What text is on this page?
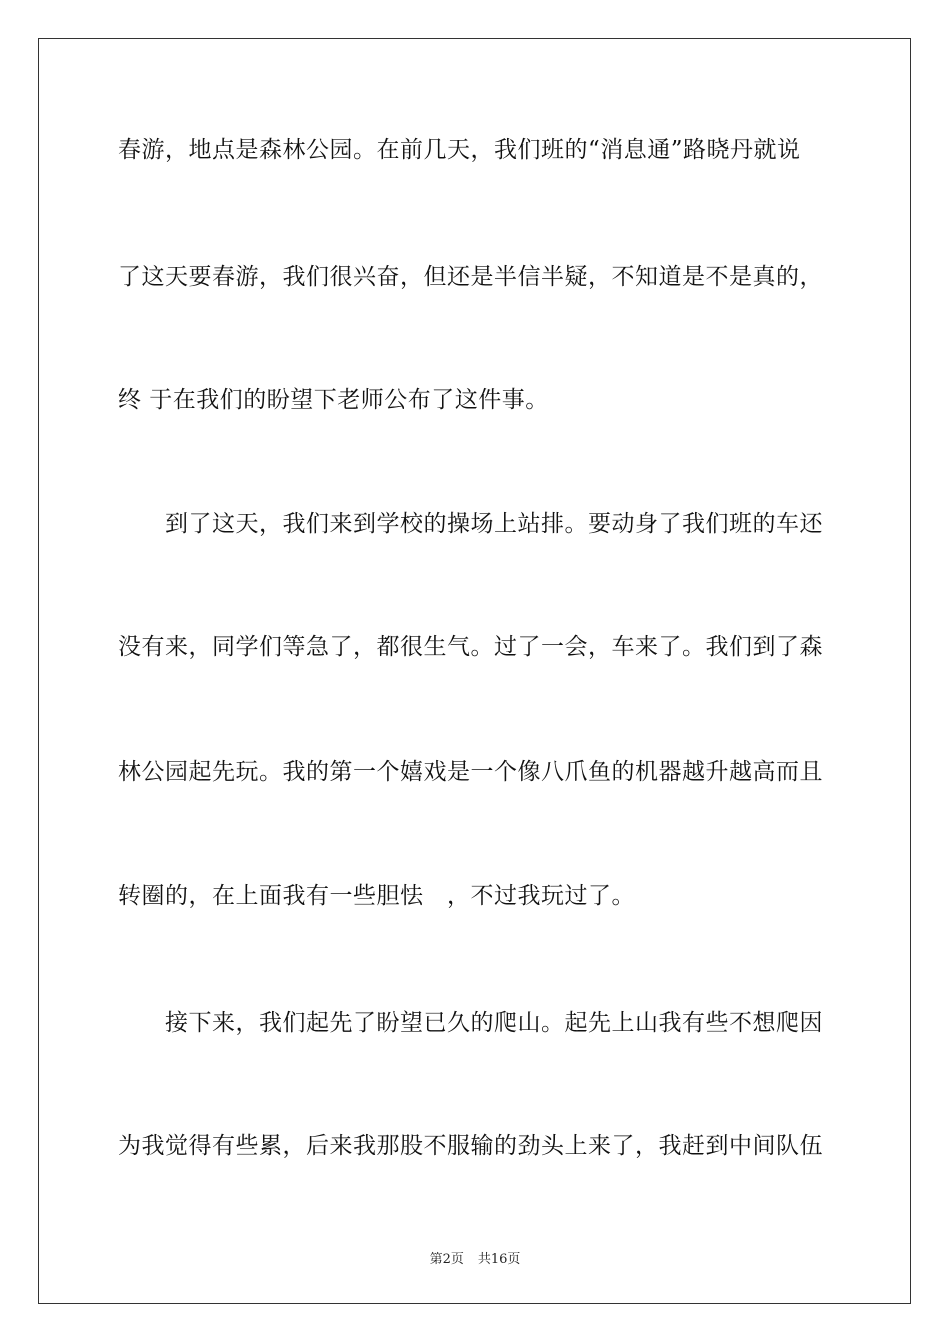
春游，地点是森林公园。在前几天，我们班的“消息通”路晓丹就说
了这天要春游，我们很兴奋，但还是半信半疑，不知道是不是真的，
终 于在我们的盼望下老师公布了这件事。
　　到了这天，我们来到学校的操场上站排。要动身了我们班的车还
没有来，同学们等急了，都很生气。过了一会，车来了。我们到了森
林公园起先玩。我的第一个嬉戏是一个像八爪鱼的机器越升越高而且
转圈的，在上面我有一些胆怯　，不过我玩过了。
　　接下来，我们起先了盼望已久的爬山。起先上山我有些不想爬因
为我觉得有些累，后来我那股不服输的劲头上来了，我赶到中间队伍
第2页 共16页
